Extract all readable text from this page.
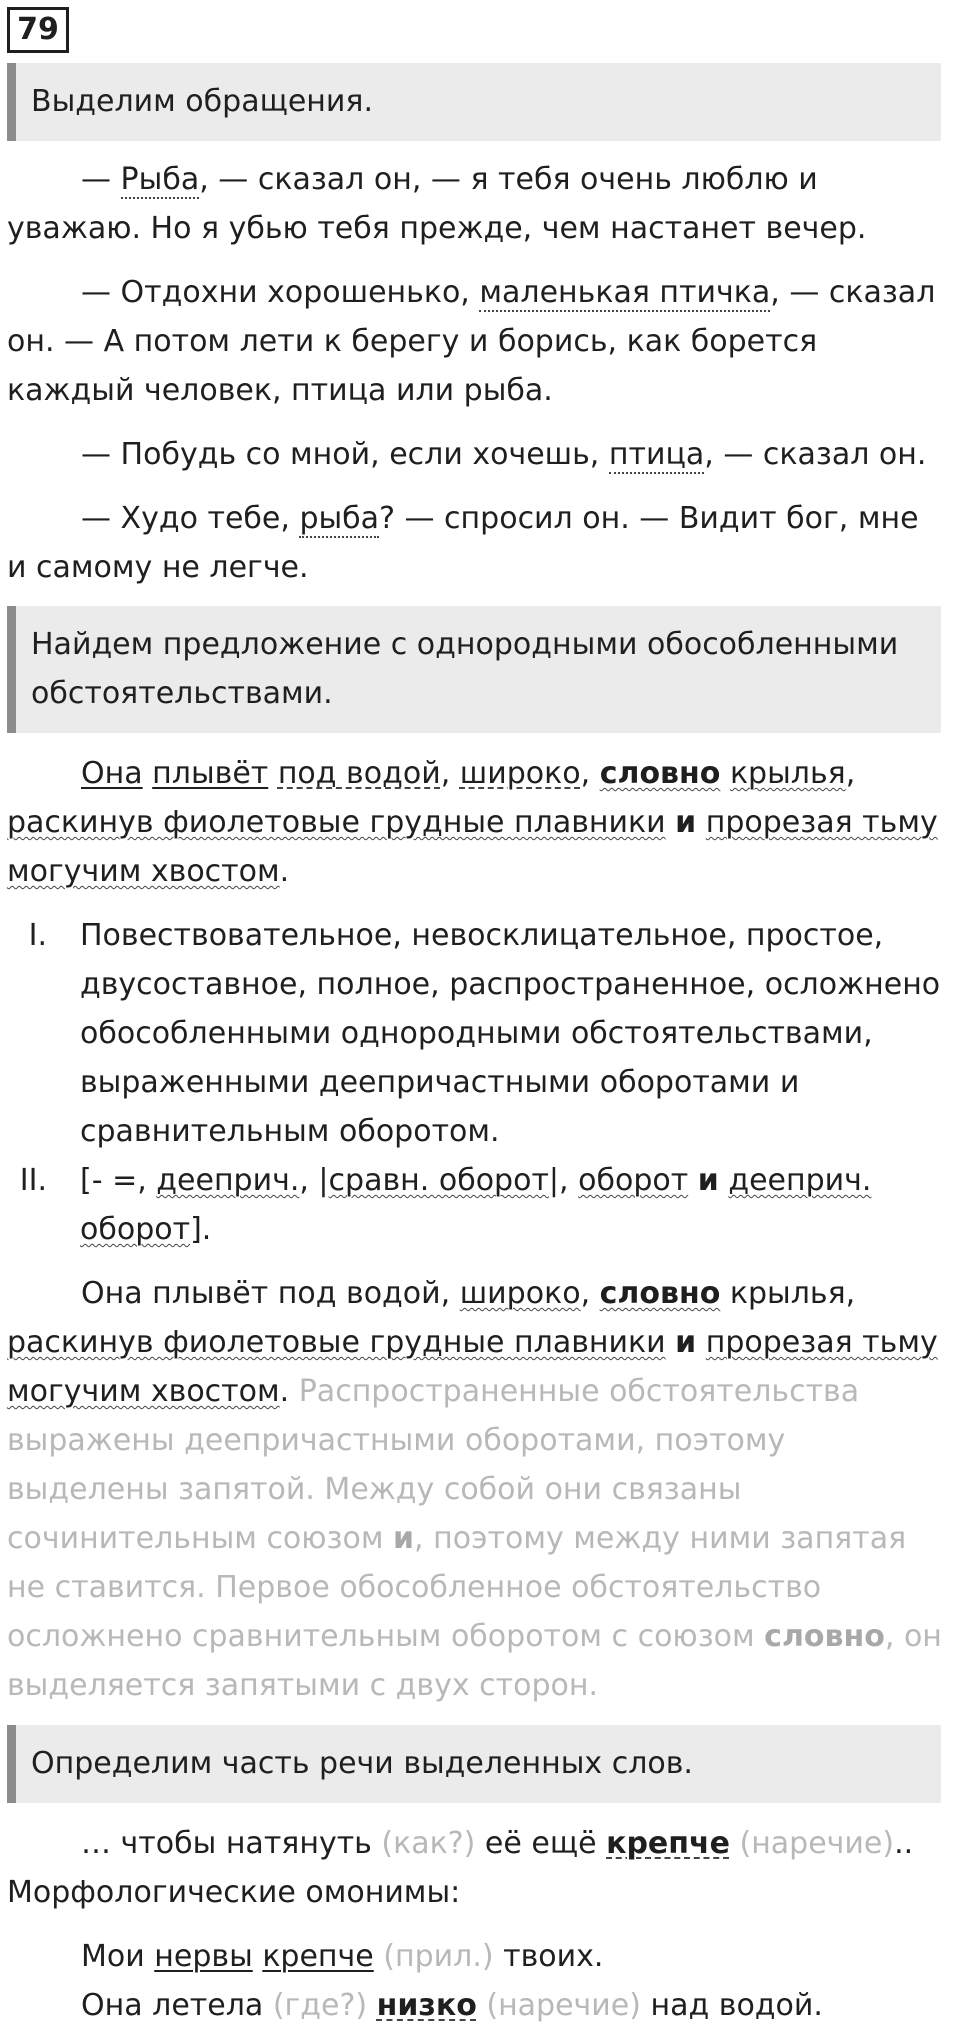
79
Выделим обращения.

— Рыба, — сказал он, — я тебя очень люблю и уважаю. Но я убью тебя прежде, чем настанет вечер.

— Отдохни хорошенько, маленькая птичка, — сказал он. — А потом лети к берегу и борись, как борется каждый человек, птица или рыба.

— Побудь со мной, если хочешь, птица, — сказал он.

— Худо тебе, рыба? — спросил он. — Видит бог, мне и самому не легче.

Найдем предложение с однородными обособленными обстоятельствами.

Она плывёт под водой, широко, словно крылья, раскинув фиолетовые грудные плавники и прорезая тьму могучим хвостом.

I. Повествовательное, невосклицательное, простое, двусоставное, полное, распространенное, осложнено обособленными однородными обстоятельствами, выраженными деепричастными оборотами и сравнительным оборотом.
II. [- =, дееприч., |сравн. оборот|, оборот и дееприч. оборот].

Она плывёт под водой, широко, словно крылья, раскинув фиолетовые грудные плавники и прорезая тьму могучим хвостом. Распространенные обстоятельства выражены деепричастными оборотами, поэтому выделены запятой. Между собой они связаны сочинительным союзом и, поэтому между ними запятая не ставится. Первое обособленное обстоятельство осложнено сравнительным оборотом с союзом словно, он выделяется запятыми с двух сторон.

Определим часть речи выделенных слов.

… чтобы натянуть (как?) её ещё крепче (наречие)..

Морфологические омонимы:

Мои нервы крепче (прил.) твоих.

Она летела (где?) низко (наречие) над водой.
